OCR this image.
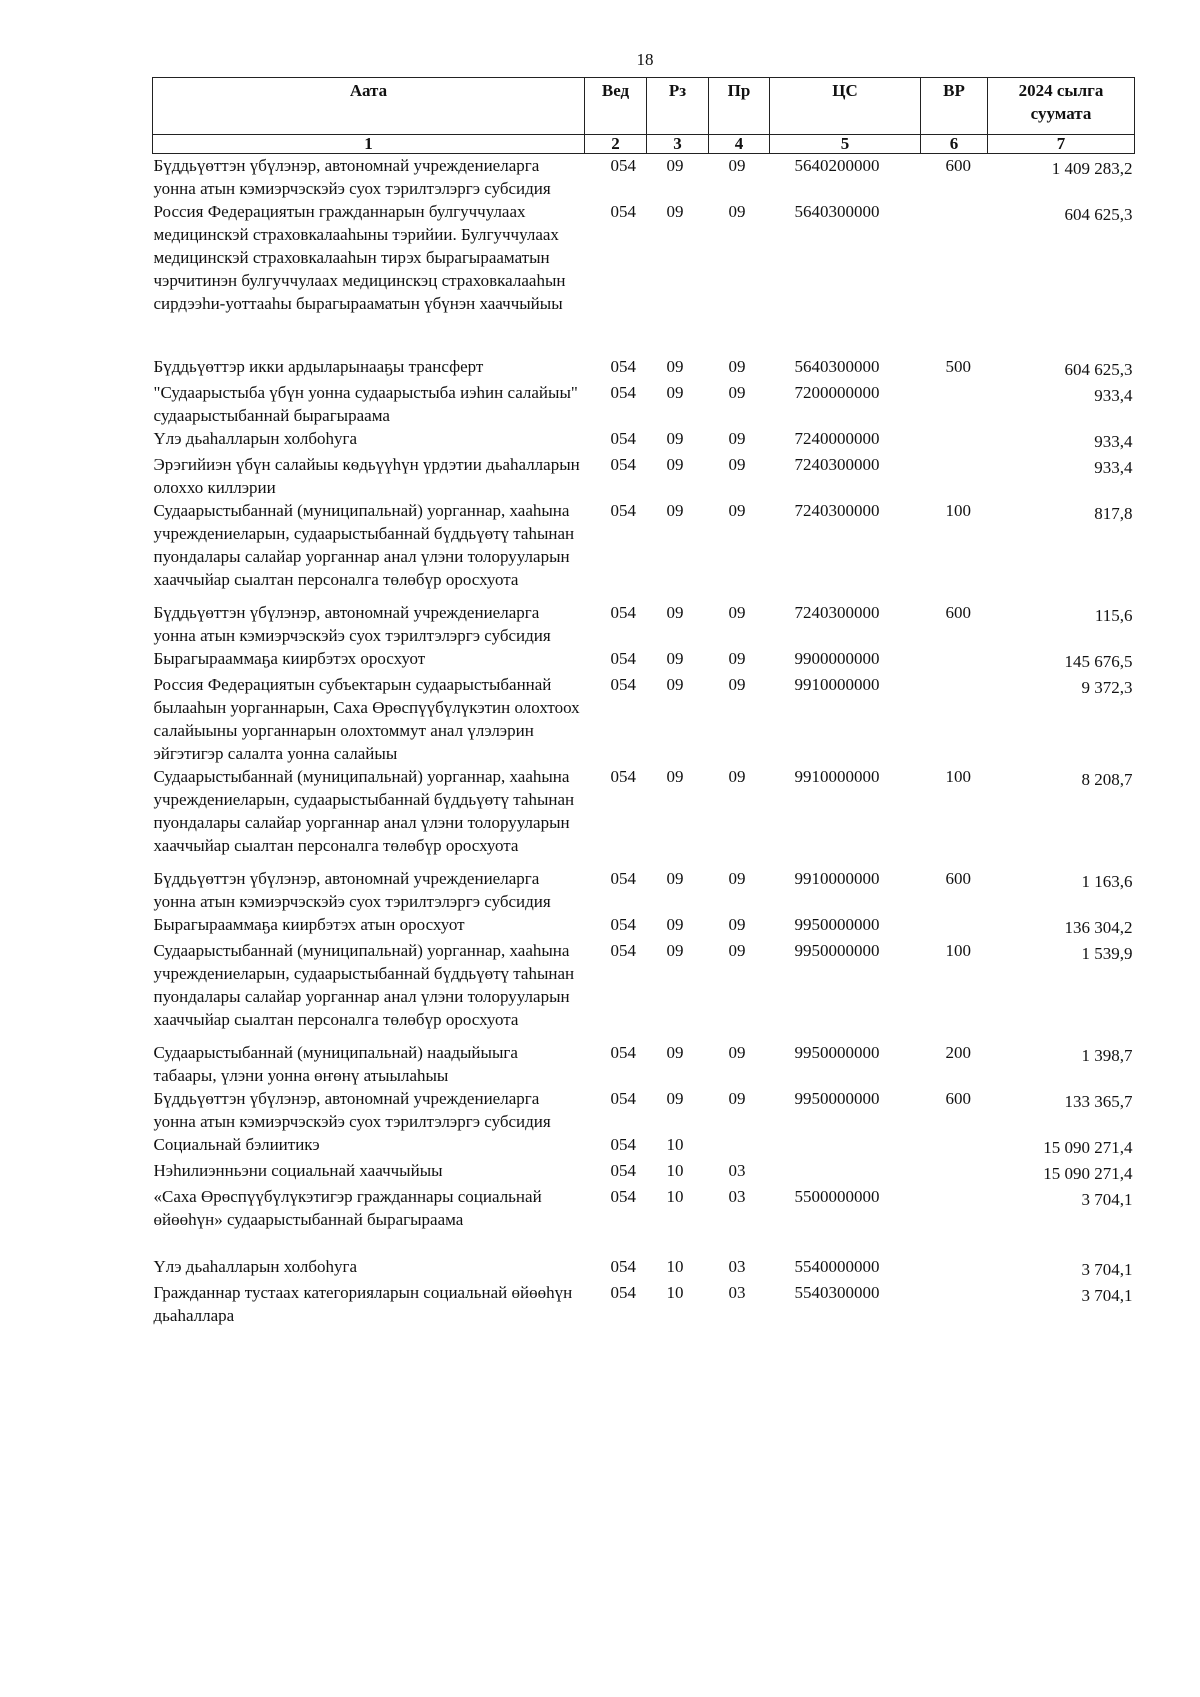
18
Аата	Вед	Рз	Пр	ЦС	ВР	2024 сылга суумата
1	2	3	4	5	6	7
Бүддьүөттэн үбүлэнэр, автономнай учреждениеларга уонна атын кэмиэрчэскэйэ суох тэрилтэлэргэ субсидия	054	09	09	5640200000	600	1 409 283,2
Россия Федерациятын гражданнарын булгуччулаах медицинскэй страховкалааһыны тэрийии. Булгуччулаах медицинскэй страховкалааһын тирэх бырагырааматын чэрчитинэн булгуччулаах медицинскэц страховкалааһын сирдээһи-уоттааһы бырагырааматын үбүнэн хааччыйыы	054	09	09	5640300000		604 625,3
Бүддьүөттэр икки ардыларынааҕы трансферт	054	09	09	5640300000	500	604 625,3
"Судаарыстыба үбүн уонна судаарыстыба иэһин салайыы" судаарыстыбаннай бырагыраама	054	09	09	7200000000		933,4
Үлэ дьаһалларын холбоһуга	054	09	09	7240000000		933,4
Эрэгийиэн үбүн салайыы кѳдьүүһүн үрдэтии дьаһалларын олоххо киллэрии	054	09	09	7240300000		933,4
Судаарыстыбаннай (муниципальнай) уорганнар, хааһына учреждениеларын, судаарыстыбаннай бүддьүөтү таһынан пуондалары салайар уорганнар анал үлэни толорууларын хааччыйар сыалтан персоналга төлөбүр оросхуота	054	09	09	7240300000	100	817,8
Бүддьүөттэн үбүлэнэр, автономнай учреждениеларга уонна атын кэмиэрчэскэйэ суох тэрилтэлэргэ субсидия	054	09	09	7240300000	600	115,6
Бырагырааммаҕа киирбэтэх оросхуот	054	09	09	9900000000		145 676,5
Россия Федерациятын субъектарын судаарыстыбаннай былааһын уорганнарын, Саха Өрөспүүбүлүкэтин олохтоох салайыыны уорганнарын олохтоммут анал үлэлэрин эйгэтигэр салалта уонна салайыы	054	09	09	9910000000		9 372,3
Судаарыстыбаннай (муниципальнай) уорганнар, хааһына учреждениеларын, судаарыстыбаннай бүддьүөтү таһынан пуондалары салайар уорганнар анал үлэни толорууларын хааччыйар сыалтан персоналга төлөбүр оросхуота	054	09	09	9910000000	100	8 208,7
Бүддьүөттэн үбүлэнэр, автономнай учреждениеларга уонна атын кэмиэрчэскэйэ суох тэрилтэлэргэ субсидия	054	09	09	9910000000	600	1 163,6
Бырагырааммаҕа киирбэтэх атын оросхуот	054	09	09	9950000000		136 304,2
Судаарыстыбаннай (муниципальнай) уорганнар, хааһына учреждениеларын, судаарыстыбаннай бүддьүөтү таһынан пуондалары салайар уорганнар анал үлэни толорууларын хааччыйар сыалтан персоналга төлөбүр оросхуота	054	09	09	9950000000	100	1 539,9
Судаарыстыбаннай (муниципальнай) наадыйыыга табаары, үлэни уонна өҥөнү атыылаһыы	054	09	09	9950000000	200	1 398,7
Бүддьүөттэн үбүлэнэр, автономнай учреждениеларга уонна атын кэмиэрчэскэйэ суох тэрилтэлэргэ субсидия	054	09	09	9950000000	600	133 365,7
Социальнай бэлиитикэ	054	10				15 090 271,4
Нэһилиэнньэни социальнай хааччыйыы	054	10	03			15 090 271,4
«Саха Өрөспүүбүлүкэтигэр гражданнары социальнай өйөөһүн» судаарыстыбаннай бырагыраама	054	10	03	5500000000		3 704,1
Үлэ дьаһалларын холбоһуга	054	10	03	5540000000		3 704,1
Гражданнар тустаах категорияларын социальнай өйөөһүн дьаһаллара	054	10	03	5540300000		3 704,1
